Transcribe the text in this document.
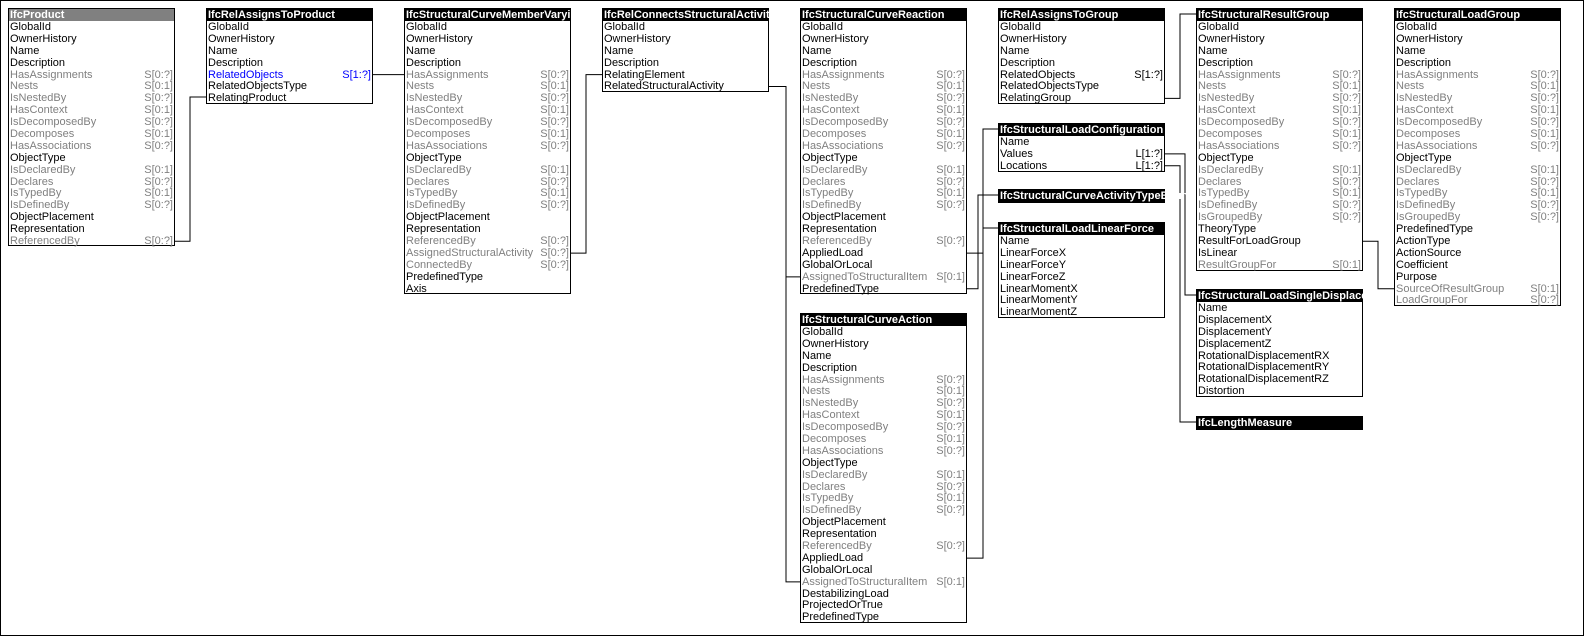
IfcProduct
GlobalId
OwnerHistory
Name
Description
HasAssignments	S[0:?]
Nests	S[0:1]
IsNestedBy	S[0:?]
HasContext	S[0:1]
IsDecomposedBy	S[0:?]
Decomposes	S[0:1]
HasAssociations	S[0:?]
ObjectType
IsDeclaredBy	S[0:1]
Declares	S[0:?]
IsTypedBy	S[0:1]
IsDefinedBy	S[0:?]
ObjectPlacement
Representation
ReferencedBy	S[0:?]
IfcRelAssignsToProduct
GlobalId
OwnerHistory
Name
Description
RelatedObjects	S[1:?]
RelatedObjectsType
RelatingProduct
IfcStructuralCurveMemberVarying
GlobalId
OwnerHistory
Name
Description
HasAssignments	S[0:?]
Nests	S[0:1]
IsNestedBy	S[0:?]
HasContext	S[0:1]
IsDecomposedBy	S[0:?]
Decomposes	S[0:1]
HasAssociations	S[0:?]
ObjectType
IsDeclaredBy	S[0:1]
Declares	S[0:?]
IsTypedBy	S[0:1]
IsDefinedBy	S[0:?]
ObjectPlacement
Representation
ReferencedBy	S[0:?]
AssignedStructuralActivity S[0:?]
ConnectedBy	S[0:?]
PredefinedType
Axis
IfcRelConnectsStructuralActivity
GlobalId
OwnerHistory
Name
Description
RelatingElement
RelatedStructuralActivity
IfcStructuralCurveReaction
GlobalId
OwnerHistory
Name
Description
HasAssignments	S[0:?]
Nests	S[0:1]
IsNestedBy	S[0:?]
HasContext	S[0:1]
IsDecomposedBy	S[0:?]
Decomposes	S[0:1]
HasAssociations	S[0:?]
ObjectType
IsDeclaredBy	S[0:1]
Declares	S[0:?]
IsTypedBy	S[0:1]
IsDefinedBy	S[0:?]
ObjectPlacement
Representation
ReferencedBy	S[0:?]
AppliedLoad
GlobalOrLocal
AssignedToStructuralItem S[0:1]
PredefinedType
IfcStructuralCurveAction
GlobalId
OwnerHistory
Name
Description
HasAssignments	S[0:?]
Nests	S[0:1]
IsNestedBy	S[0:?]
HasContext	S[0:1]
IsDecomposedBy	S[0:?]
Decomposes	S[0:1]
HasAssociations	S[0:?]
ObjectType
IsDeclaredBy	S[0:1]
Declares	S[0:?]
IsTypedBy	S[0:1]
IsDefinedBy	S[0:?]
ObjectPlacement
Representation
ReferencedBy	S[0:?]
AppliedLoad
GlobalOrLocal
AssignedToStructuralItem S[0:1]
DestabilizingLoad
ProjectedOrTrue
PredefinedType
IfcRelAssignsToGroup
GlobalId
OwnerHistory
Name
Description
RelatedObjects	S[1:?]
RelatedObjectsType
RelatingGroup
IfcStructuralLoadConfiguration
Name
Values	L[1:?]
Locations	L[1:?]
IfcStructuralCurveActivityTypeEnum
IfcStructuralLoadLinearForce
Name
LinearForceX
LinearForceY
LinearForceZ
LinearMomentX
LinearMomentY
LinearMomentZ
IfcStructuralResultGroup
GlobalId
OwnerHistory
Name
Description
HasAssignments	S[0:?]
Nests	S[0:1]
IsNestedBy	S[0:?]
HasContext	S[0:1]
IsDecomposedBy	S[0:?]
Decomposes	S[0:1]
HasAssociations	S[0:?]
ObjectType
IsDeclaredBy	S[0:1]
Declares	S[0:?]
IsTypedBy	S[0:1]
IsDefinedBy	S[0:?]
IsGroupedBy	S[0:?]
TheoryType
ResultForLoadGroup
IsLinear
ResultGroupFor	S[0:1]
IfcStructuralLoadSingleDisplacement
Name
DisplacementX
DisplacementY
DisplacementZ
RotationalDisplacementRX
RotationalDisplacementRY
RotationalDisplacementRZ
Distortion
IfcLengthMeasure
IfcStructuralLoadGroup
GlobalId
OwnerHistory
Name
Description
HasAssignments	S[0:?]
Nests	S[0:1]
IsNestedBy	S[0:?]
HasContext	S[0:1]
IsDecomposedBy	S[0:?]
Decomposes	S[0:1]
HasAssociations	S[0:?]
ObjectType
IsDeclaredBy	S[0:1]
Declares	S[0:?]
IsTypedBy	S[0:1]
IsDefinedBy	S[0:?]
IsGroupedBy	S[0:?]
PredefinedType
ActionType
ActionSource
Coefficient
Purpose
SourceOfResultGroup S[0:1]
LoadGroupFor	S[0:?]
